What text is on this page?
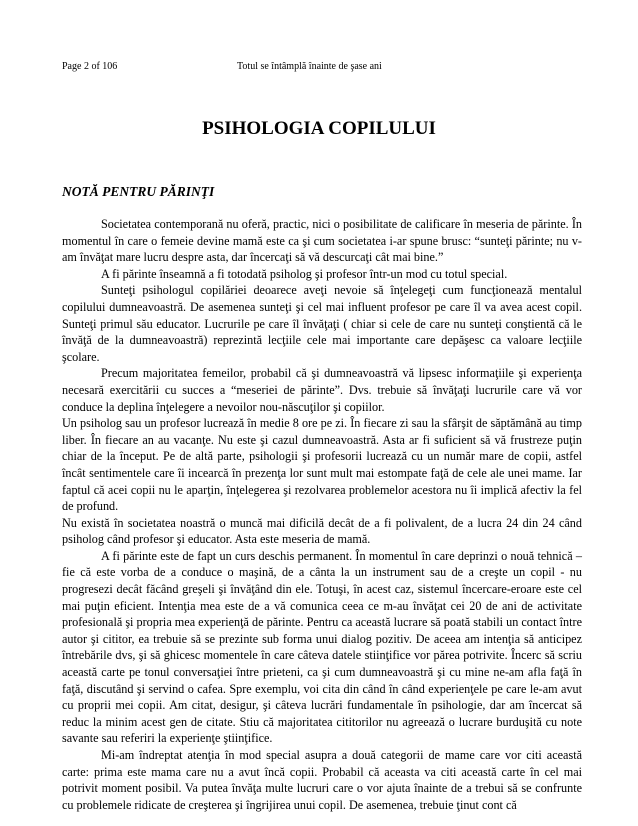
Page 2 of 106	Totul se întâmplă înainte de şase ani
PSIHOLOGIA COPILULUI
NOTĂ PENTRU PĂRINŢI

Societatea contemporană nu oferă, practic, nici o posibilitate de calificare în meseria de părinte. În momentul în care o femeie devine mamă este ca şi cum societatea i-ar spune brusc: “sunteţi părinte; nu v-am învăţat mare lucru despre asta, dar încercaţi să vă descurcaţi cât mai bine.”

A fi părinte înseamnă a fi totodată psiholog şi profesor într-un mod cu totul special.

Sunteţi psihologul copilăriei deoarece aveţi nevoie să înţelegeţi cum funcţionează mentalul copilului dumneavoastră. De asemenea sunteţi şi cel mai influent profesor pe care îl va avea acest copil. Sunteţi primul său educator. Lucrurile pe care îl învăţaţi ( chiar si cele de care nu sunteţi conştientă că le învăţă de la dumneavoastră) reprezintă lecţiile cele mai importante care depăşesc ca valoare lecţiile şcolare.

Precum majoritatea femeilor, probabil că şi dumneavoastră vă lipsesc informaţiile şi experienţa necesară exercitării cu succes a “meseriei de părinte”. Dvs. trebuie să învăţaţi lucrurile care vă vor conduce la deplina înţelegere a nevoilor nou-născuţilor şi copiilor.

Un psiholog sau un profesor lucrează în medie 8 ore pe zi. În fiecare zi sau la sfârşit de săptămână au timp liber. În fiecare an au vacanţe. Nu este şi cazul dumneavoastră. Asta ar fi suficient să vă frustreze puţin chiar de la început. Pe de altă parte, psihologii şi profesorii lucrează cu un număr mare de copii, astfel încât sentimentele care îi incearcă în prezenţa lor sunt mult mai estompate faţă de cele ale unei mame. Iar faptul că acei copii nu le aparţin, înţelegerea şi rezolvarea problemelor acestora nu îi implică afectiv la fel de profund.

Nu există în societatea noastră o muncă mai dificilă decât de a fi polivalent, de a lucra 24 din 24 când psiholog când profesor şi educator. Asta este meseria de mamă.

A fi părinte este de fapt un curs deschis permanent. În momentul în care deprinzi o nouă tehnică – fie că este vorba de a conduce o maşină, de a cânta la un instrument sau de a creşte un copil - nu progresezi decât făcând greşeli şi învăţând din ele. Totuşi, în acest caz, sistemul încercare-eroare este cel mai puţin eficient. Intenţia mea este de a vă comunica ceea ce m-au învăţat cei 20 de ani de activitate profesională şi propria mea experienţă de părinte. Pentru ca această lucrare să poată stabili un contact între autor şi cititor, ea trebuie să se prezinte sub forma unui dialog pozitiv. De aceea am intenţia să anticipez întrebările dvs, şi să ghicesc momentele în care câteva datele stiinţifice vor părea potrivite. Încerc să scriu această carte pe tonul conversaţiei între prieteni, ca şi cum dumneavoastră şi cu mine ne-am afla faţă în faţă, discutând şi servind o cafea. Spre exemplu, voi cita din când în când experienţele pe care le-am avut cu proprii mei copii. Am citat, desigur, şi câteva lucrări fundamentale în psihologie, dar am încercat să reduc la minim acest gen de citate. Stiu că majoritatea cititorilor nu agreează o lucrare burduşită cu note savante sau referiri la experienţe ştiinţifice.

Mi-am îndreptat atenţia în mod special asupra a două categorii de mame care vor citi această carte: prima este mama care nu a avut încă copii. Probabil că aceasta va citi această carte în cel mai potrivit moment posibil. Va putea învăţa multe lucruri care o vor ajuta înainte de a trebui să se confrunte cu problemele ridicate de creşterea şi îngrijirea unui copil. De asemenea, trebuie ţinut cont că
